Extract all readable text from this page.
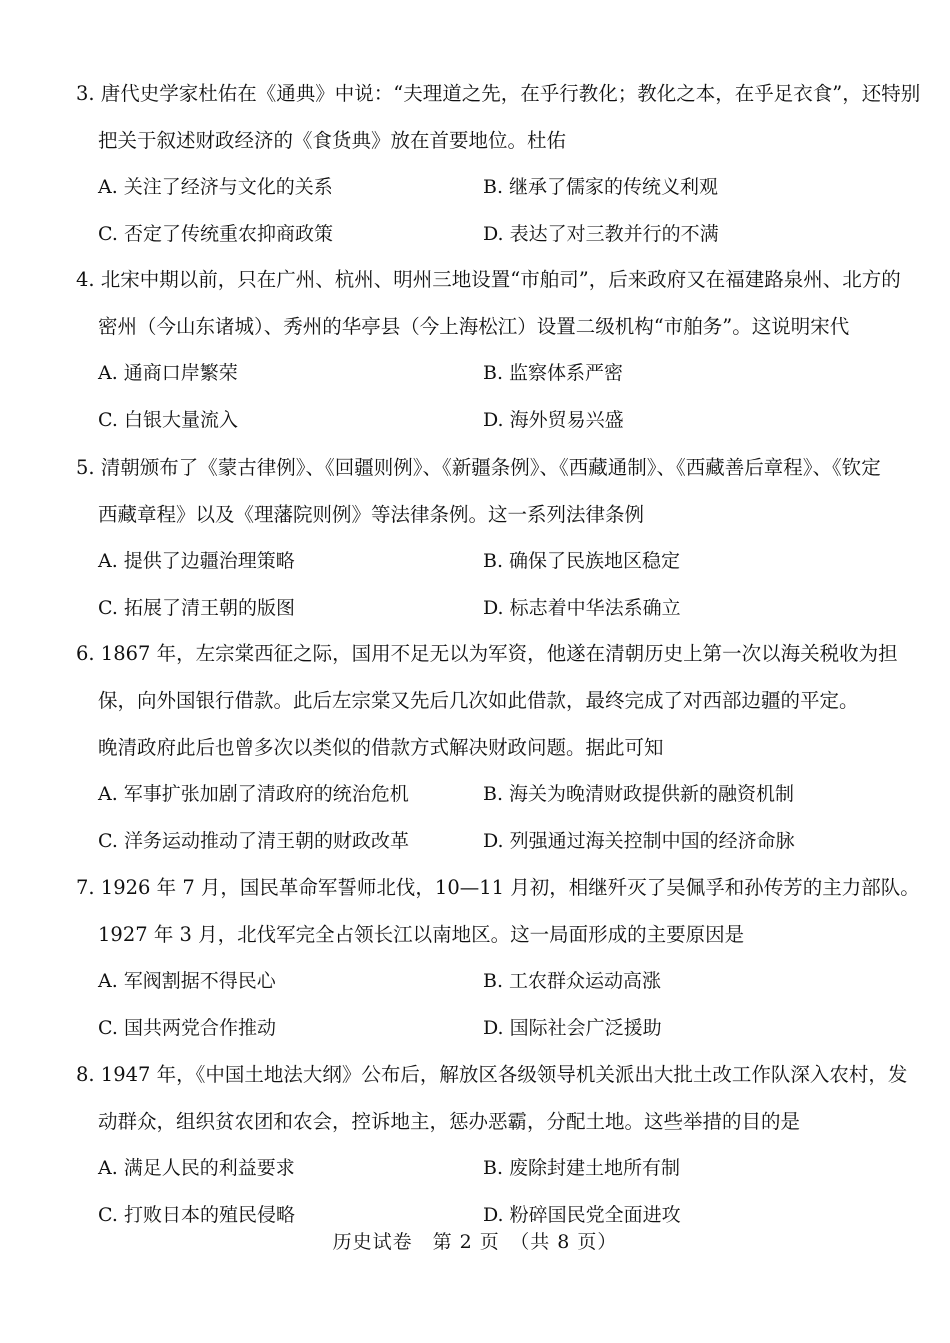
3. 唐代史学家杜佑在《通典》中说：“夫理道之先，在乎行教化；教化之本，在乎足衣食”，还特别
把关于叙述财政经济的《食货典》放在首要地位。杜佑
A. 关注了经济与文化的关系	B. 继承了儒家的传统义利观
C. 否定了传统重农抑商政策	D. 表达了对三教并行的不满
4. 北宋中期以前，只在广州、杭州、明州三地设置“市舶司”，后来政府又在福建路泉州、北方的
密州（今山东诸城）、秀州的华亭县（今上海松江）设置二级机构“市舶务”。这说明宋代
A. 通商口岸繁荣	B. 监察体系严密
C. 白银大量流入	D. 海外贸易兴盛
5. 清朝颁布了《蒙古律例》、《回疆则例》、《新疆条例》、《西藏通制》、《西藏善后章程》、《钦定
西藏章程》以及《理藩院则例》等法律条例。这一系列法律条例
A. 提供了边疆治理策略	B. 确保了民族地区稳定
C. 拓展了清王朝的版图	D. 标志着中华法系确立
6. 1867 年，左宗棠西征之际，国用不足无以为军资，他遂在清朝历史上第一次以海关税收为担
保，向外国银行借款。此后左宗棠又先后几次如此借款，最终完成了对西部边疆的平定。
晚清政府此后也曾多次以类似的借款方式解决财政问题。据此可知
A. 军事扩张加剧了清政府的统治危机	B. 海关为晚清财政提供新的融资机制
C. 洋务运动推动了清王朝的财政改革	D. 列强通过海关控制中国的经济命脉
7. 1926 年 7 月，国民革命军誓师北伐，10—11 月初，相继歼灭了吴佩孚和孙传芳的主力部队。
1927 年 3 月，北伐军完全占领长江以南地区。这一局面形成的主要原因是
A. 军阀割据不得民心	B. 工农群众运动高涨
C. 国共两党合作推动	D. 国际社会广泛援助
8. 1947 年，《中国土地法大纲》公布后，解放区各级领导机关派出大批土改工作队深入农村，发
动群众，组织贫农团和农会，控诉地主，惩办恶霸，分配土地。这些举措的目的是
A. 满足人民的利益要求	B. 废除封建土地所有制
C. 打败日本的殖民侵略	D. 粉碎国民党全面进攻
历史试卷　第 2 页　（共 8 页）
